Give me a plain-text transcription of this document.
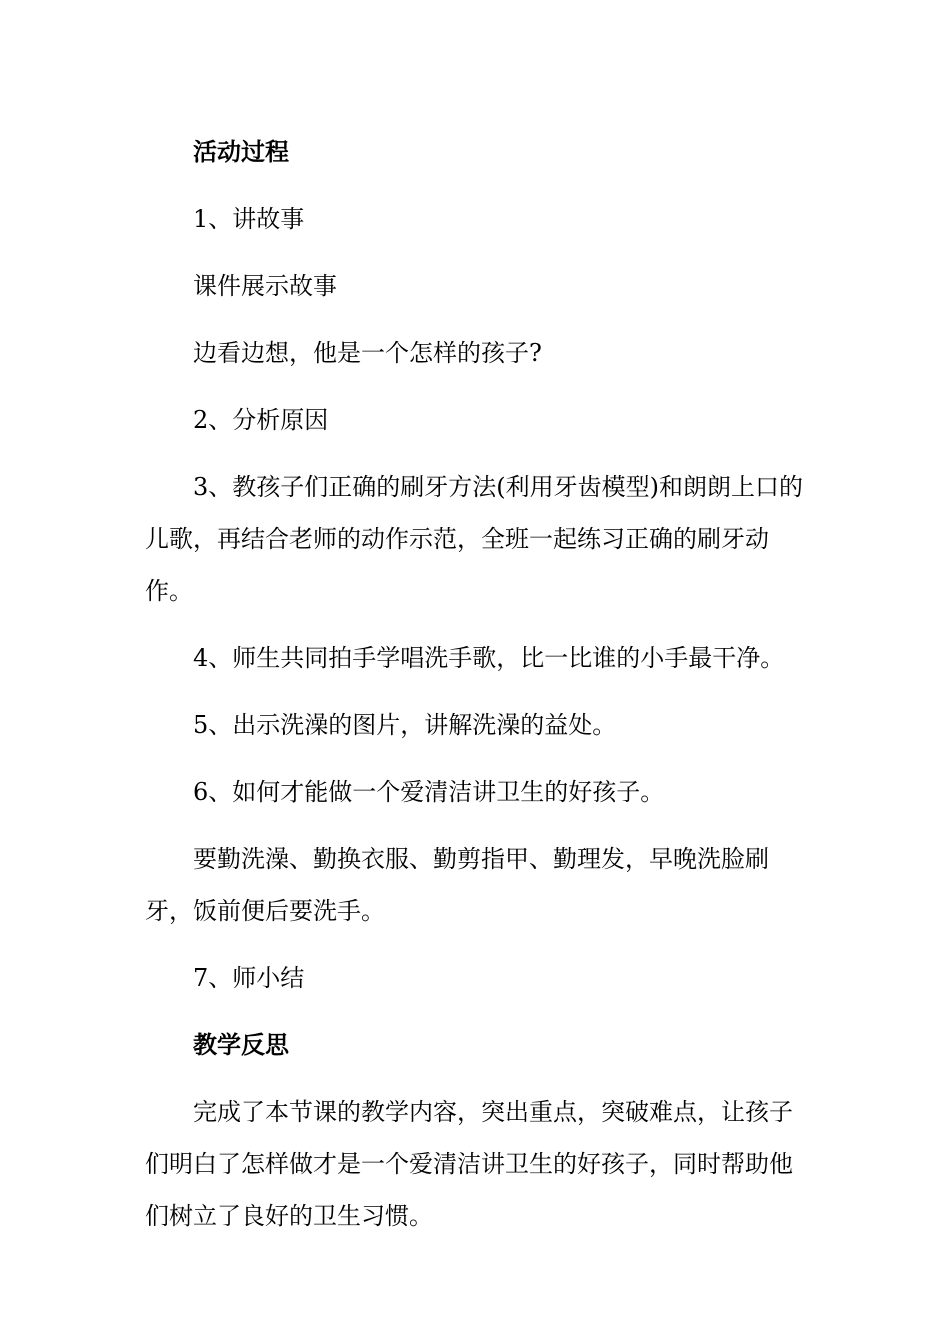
活动过程

1、讲故事

课件展示故事

边看边想，他是一个怎样的孩子?

2、分析原因

3、教孩子们正确的刷牙方法(利用牙齿模型)和朗朗上口的儿歌，再结合老师的动作示范，全班一起练习正确的刷牙动作。

4、师生共同拍手学唱洗手歌，比一比谁的小手最干净。

5、出示洗澡的图片，讲解洗澡的益处。

6、如何才能做一个爱清洁讲卫生的好孩子。

要勤洗澡、勤换衣服、勤剪指甲、勤理发，早晚洗脸刷牙，饭前便后要洗手。

7、师小结

教学反思

完成了本节课的教学内容，突出重点，突破难点，让孩子们明白了怎样做才是一个爱清洁讲卫生的好孩子，同时帮助他们树立了良好的卫生习惯。
